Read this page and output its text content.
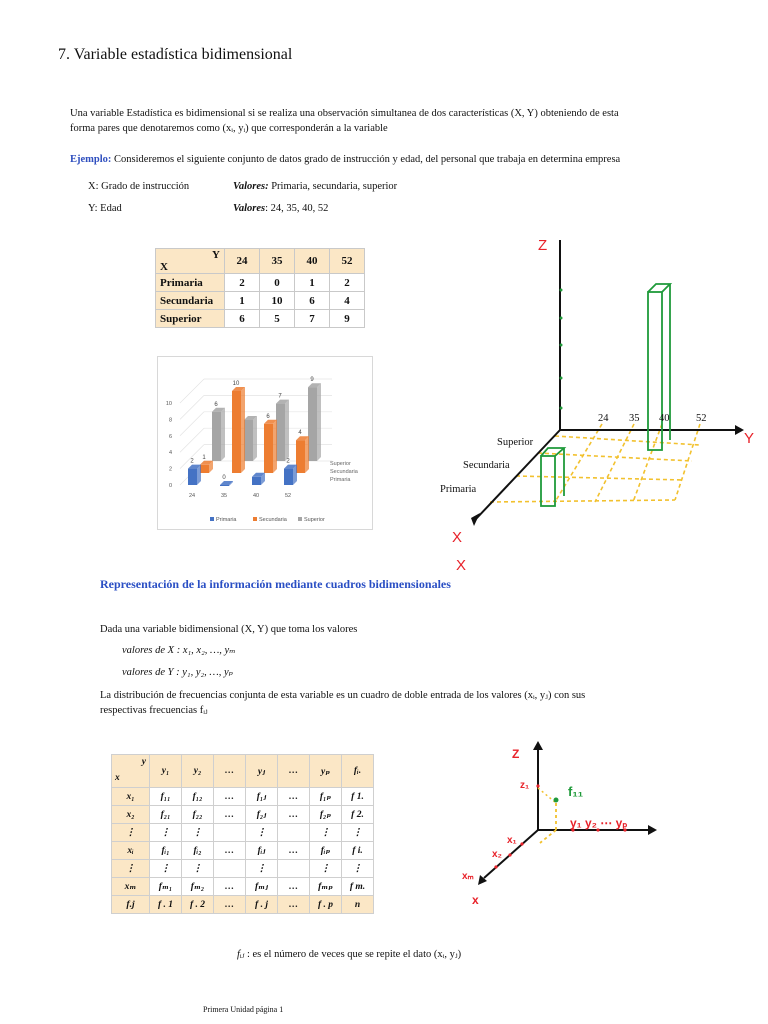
7. Variable estadística bidimensional
Una variable Estadística es bidimensional si se realiza una observación simultanea de dos características (X, Y) obteniendo de esta
forma pares que denotaremos como (xᵢ, yᵢ) que corresponderán a la variable
Ejemplo: Consideremos el siguiente conjunto de datos grado de instrucción y edad, del personal que trabaja en determina empresa
X: Grado de instrucción	Valores: Primaria, secundaria, superior
Y: Edad	Valores: 24, 35, 40, 52
Y
X	24	35	40	52
Primaria	2	0	1	2
Secundaria	1	10	6	4
Superior	6	5	7	9
0
2
4
6
8
10	6
7
9
1
10
6
4
2
0
2
24	35	40	52
Superior
Secundaria
Primaria
Primaria	Secundaria	Superior
Z
Y
X
X
24 35 40	52
Superior
Secundaria
Primaria
Representación de la información mediante cuadros bidimensionales
Dada una variable bidimensional (X, Y) que toma los valores
valores de X : x₁, x₂, …, yₘ
valores de Y : y₁, y₂, …, yₚ
La distribución de frecuencias conjunta de esta variable es un cuadro de doble entrada de los valores (xᵢ, yⱼ) con sus
respectivas frecuencias fᵢⱼ
y
x	y₁	y₂	…	yⱼ	…	yₚ	fᵢ.
x₁	f₁₁	f₁₂	…	f₁ⱼ	…	f₁ₚ	f 1.
x₂	f₂₁	f₂₂	…	f₂ⱼ	…	f₂ₚ	f 2.
⋮	⋮	⋮		⋮		⋮	⋮
xᵢ	fᵢ₁	fᵢ₂	…	fᵢⱼ	…	fᵢₚ	f i.
⋮	⋮	⋮		⋮		⋮	⋮
xₘ	fₘ₁	fₘ₂	…	fₘⱼ	…	fₘₚ	f m.
f.j	f . 1	f . 2	…	f . j	…	f . p	n
Z
z₁
y₁ y₂ ⋯ yₚ
x₁
x₂
xₘ
x
f₁₁
fᵢⱼ : es el número de veces que se repite el dato (xᵢ, yⱼ)
Primera Unidad página 1
